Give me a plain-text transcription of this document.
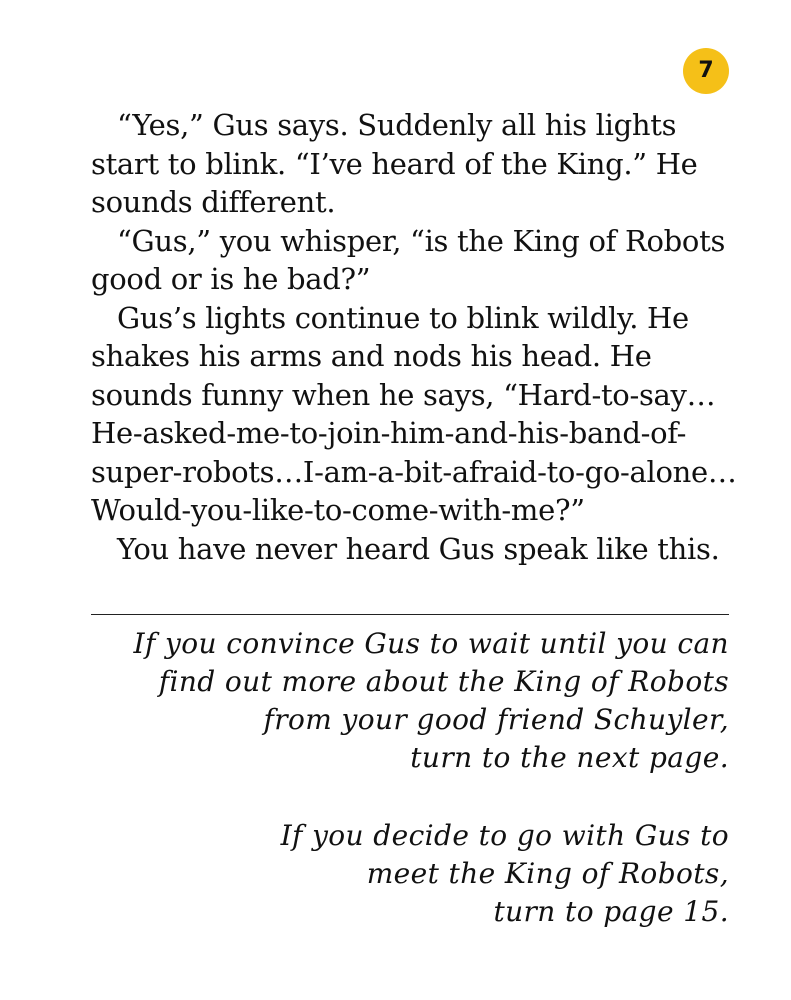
7

“Yes,” Gus says. Suddenly all his lights start to blink. “I’ve heard of the King.” He sounds different.

“Gus,” you whisper, “is the King of Robots good or is he bad?”

Gus’s lights continue to blink wildly. He shakes his arms and nods his head. He sounds funny when he says, “Hard-to-say… He-asked-me-to-join-him-and-his-band-of-super-robots…I-am-a-bit-afraid-to-go-alone… Would-you-like-to-come-with-me?”

You have never heard Gus speak like this.

If you convince Gus to wait until you can
find out more about the King of Robots
from your good friend Schuyler,
turn to the next page.
If you decide to go with Gus to
meet the King of Robots,
turn to page 15.
